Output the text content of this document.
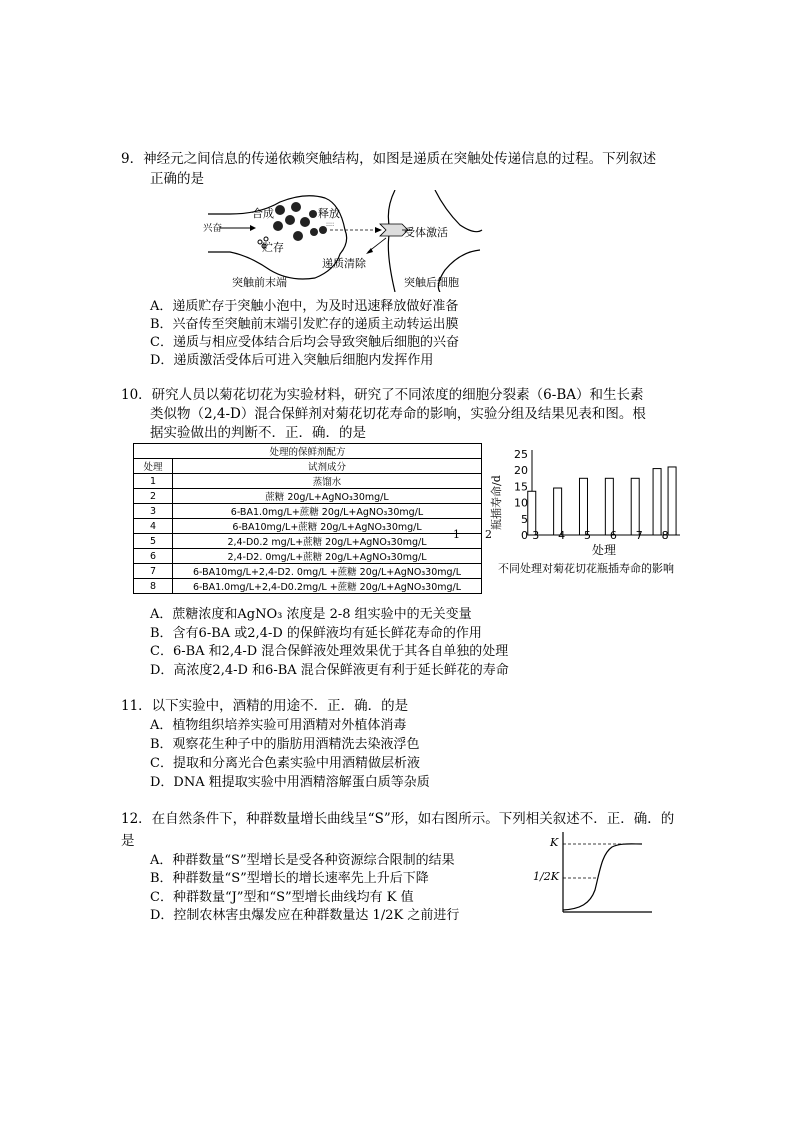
9．神经元之间信息的传递依赖突触结构，如图是递质在突触处传递信息的过程。下列叙述
正确的是
::::
兴奋
合成	释放
贮存
受体激活
递质清除
突触前末端	突触后细胞
A．递质贮存于突触小泡中，为及时迅速释放做好准备
B．兴奋传至突触前末端引发贮存的递质主动转运出膜
C．递质与相应受体结合后均会导致突触后细胞的兴奋
D．递质激活受体后可进入突触后细胞内发挥作用
10．研究人员以菊花切花为实验材料，研究了不同浓度的细胞分裂素（6-BA）和生长素
类似物（2,4-D）混合保鲜剂对菊花切花寿命的影响，实验分组及结果见表和图。根
据实验做出的判断不．正．确．的是
处理的保鲜剂配方	
处理	试剂成分
1	蒸馏水
2	蔗糖 20g/L+AgNO₃30mg/L
3	6-BA1.0mg/L+蔗糖 20g/L+AgNO₃30mg/L
4	6-BA10mg/L+蔗糖 20g/L+AgNO₃30mg/L
5	2,4-D0.2 mg/L+蔗糖 20g/L+AgNO₃30mg/L
6	2,4-D2. 0mg/L+蔗糖 20g/L+AgNO₃30mg/L
7	6-BA10mg/L+2,4-D2. 0mg/L +蔗糖 20g/L+AgNO₃30mg/L
8	6-BA1.0mg/L+2,4-D0.2mg/L +蔗糖 20g/L+AgNO₃30mg/L
1 2
25
20
15
10
5
0 3 4 5 6 7 8
瓶插寿命/d
处理
不同处理对菊花切花瓶插寿命的影响
A．蔗糖浓度和AgNO₃ 浓度是 2-8 组实验中的无关变量
B．含有6-BA 或2,4-D 的保鲜液均有延长鲜花寿命的作用
C．6-BA 和2,4-D 混合保鲜液处理效果优于其各自单独的处理
D．高浓度2,4-D 和6-BA 混合保鲜液更有利于延长鲜花的寿命
11．以下实验中，酒精的用途不．正．确．的是
A．植物组织培养实验可用酒精对外植体消毒
B．观察花生种子中的脂肪用酒精洗去染液浮色
C．提取和分离光合色素实验中用酒精做层析液
D．DNA 粗提取实验中用酒精溶解蛋白质等杂质
12．在自然条件下，种群数量增长曲线呈“S”形，如右图所示。下列相关叙述不．正．确．的
是
A．种群数量“S”型增长是受各种资源综合限制的结果
B．种群数量“S”型增长的增长速率先上升后下降
C．种群数量“J”型和“S”型增长曲线均有 K 值
D．控制农林害虫爆发应在种群数量达 1/2K 之前进行
K
1/2K
